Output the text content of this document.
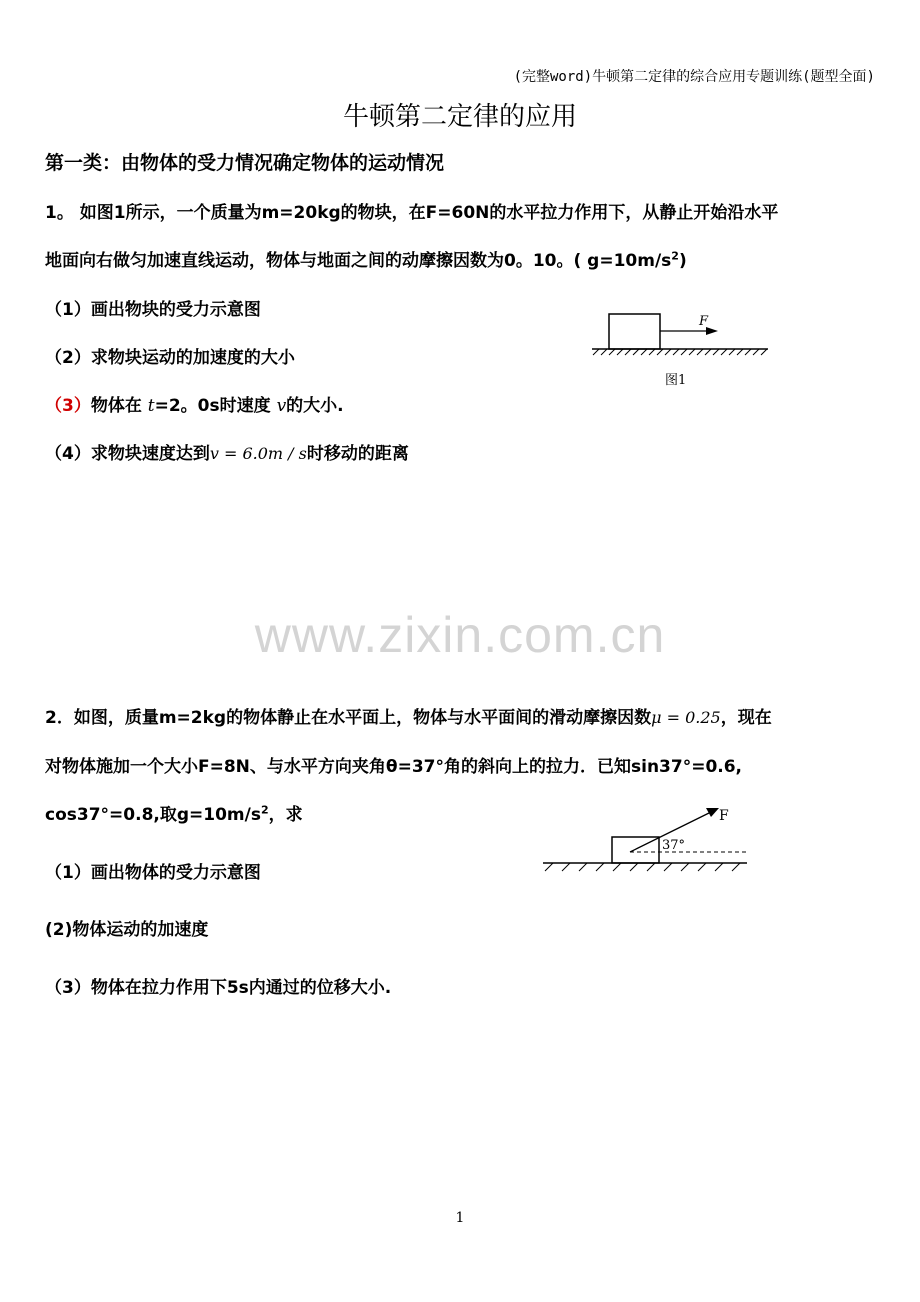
(完整word)牛顿第二定律的综合应用专题训练(题型全面)
牛顿第二定律的应用
第一类：由物体的受力情况确定物体的运动情况
1。 如图1所示，一个质量为m=20kg的物块，在F=60N的水平拉力作用下，从静止开始沿水平
地面向右做匀加速直线运动，物体与地面之间的动摩擦因数为0。10。( $g=10m/s^2$)
（1）画出物块的受力示意图
（2）求物块运动的加速度的大小
（3）物体在 t=2。0s时速度 v的大小.
（4）求物块速度达到v = 6.0m / s时移动的距离
F
图1
www.zixin.com.cn
2．如图，质量m=2kg的物体静止在水平面上，物体与水平面间的滑动摩擦因数μ = 0.25，现在
对物体施加一个大小F=8N、与水平方向夹角θ=37°角的斜向上的拉力．已知sin37°=0.6,
cos37°=0.8,取$g=10m/s^2$，求
（1）画出物体的受力示意图
(2)物体运动的加速度
（3）物体在拉力作用下5s内通过的位移大小.
F
37°
1
